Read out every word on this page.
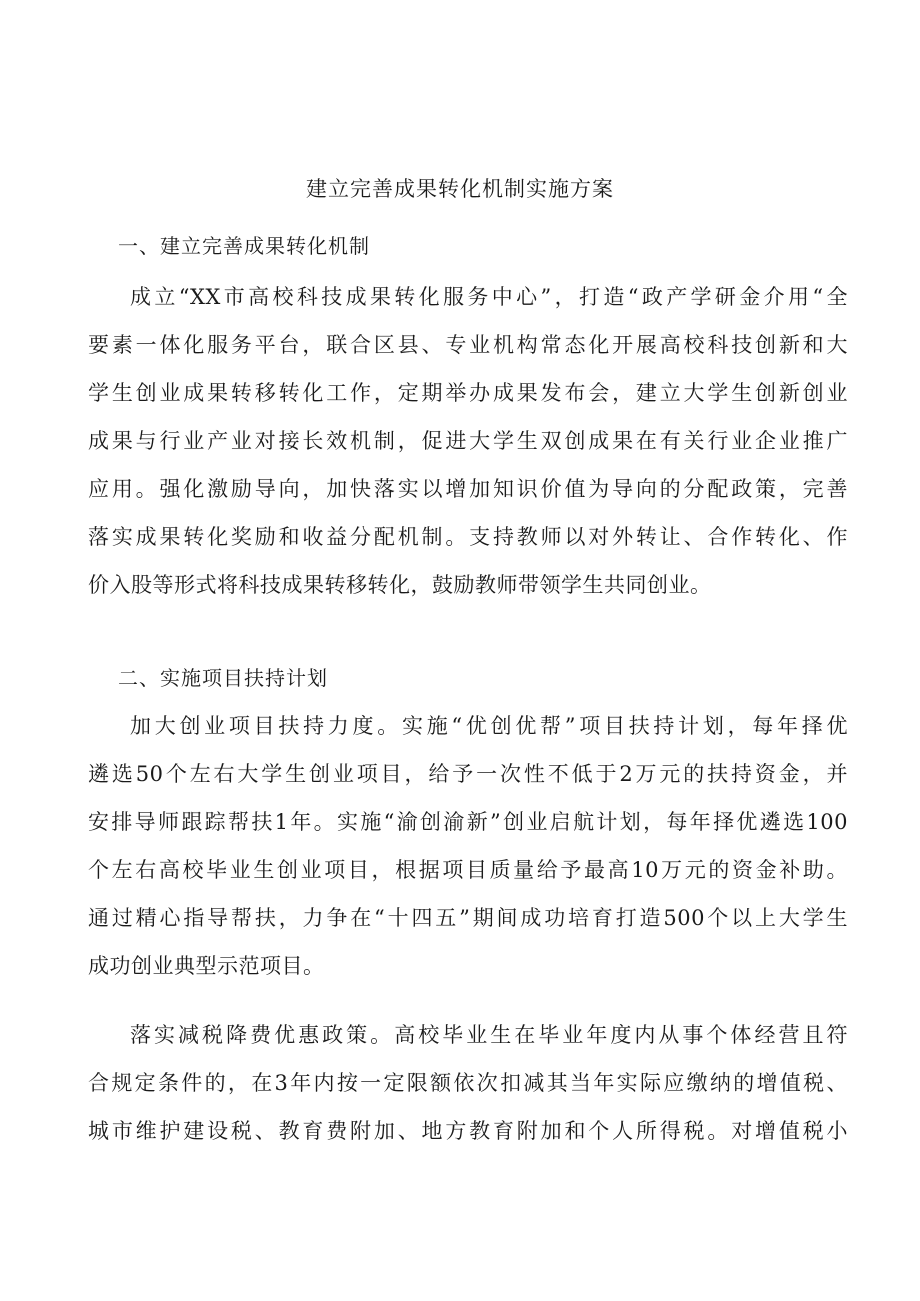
建立完善成果转化机制实施方案
一、建立完善成果转化机制
成立“XX市高校科技成果转化服务中心”，打造“政产学研金介用“全
要素一体化服务平台，联合区县、专业机构常态化开展高校科技创新和大
学生创业成果转移转化工作，定期举办成果发布会，建立大学生创新创业
成果与行业产业对接长效机制，促进大学生双创成果在有关行业企业推广
应用。强化激励导向，加快落实以增加知识价值为导向的分配政策，完善
落实成果转化奖励和收益分配机制。支持教师以对外转让、合作转化、作
价入股等形式将科技成果转移转化，鼓励教师带领学生共同创业。
二、实施项目扶持计划
加大创业项目扶持力度。实施“优创优帮”项目扶持计划，每年择优
遴选50个左右大学生创业项目，给予一次性不低于2万元的扶持资金，并
安排导师跟踪帮扶1年。实施“渝创渝新”创业启航计划，每年择优遴选100
个左右高校毕业生创业项目，根据项目质量给予最高10万元的资金补助。
通过精心指导帮扶，力争在“十四五”期间成功培育打造500个以上大学生
成功创业典型示范项目。
落实减税降费优惠政策。高校毕业生在毕业年度内从事个体经营且符
合规定条件的，在3年内按一定限额依次扣减其当年实际应缴纳的增值税、
城市维护建设税、教育费附加、地方教育附加和个人所得税。对增值税小
